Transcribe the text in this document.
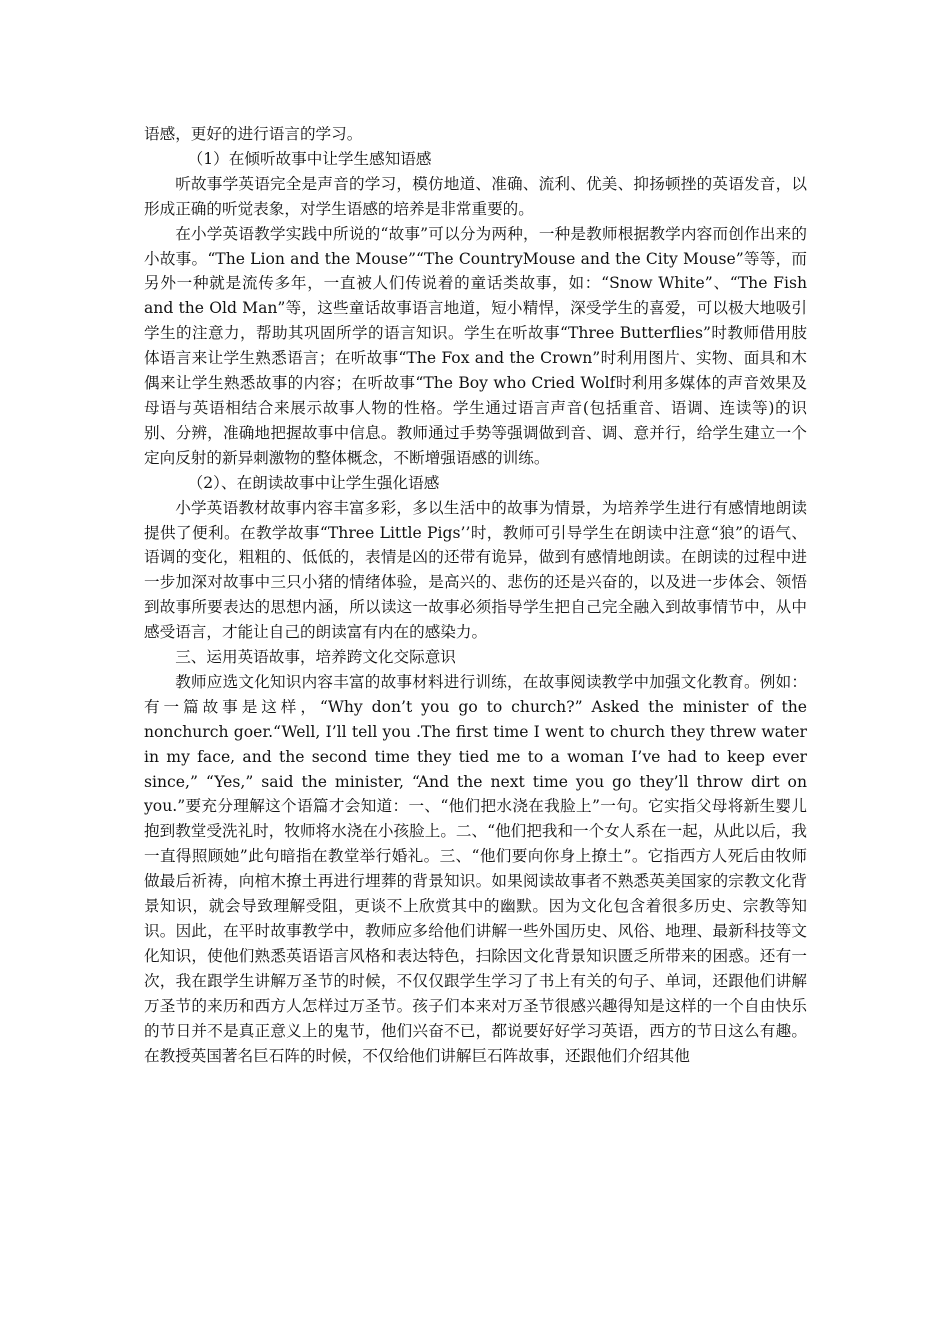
语感，更好的进行语言的学习。

（1）在倾听故事中让学生感知语感

听故事学英语完全是声音的学习，模仿地道、准确、流利、优美、抑扬顿挫的英语发音，以形成正确的听觉表象，对学生语感的培养是非常重要的。

在小学英语教学实践中所说的“故事”可以分为两种，一种是教师根据教学内容而创作出来的小故事。“The Lion and the Mouse”“The CountryMouse and the City Mouse”等等，而另外一种就是流传多年，一直被人们传说着的童话类故事，如：“Snow White”、“The Fish and the Old Man”等，这些童话故事语言地道，短小精悍，深受学生的喜爱，可以极大地吸引学生的注意力，帮助其巩固所学的语言知识。学生在听故事“Three Butterflies”时教师借用肢体语言来让学生熟悉语言；在听故事“The Fox and the Crown”时利用图片、实物、面具和木偶来让学生熟悉故事的内容；在听故事“The Boy who Cried Wolf时利用多媒体的声音效果及母语与英语相结合来展示故事人物的性格。学生通过语言声音(包括重音、语调、连读等)的识别、分辨，准确地把握故事中信息。教师通过手势等强调做到音、调、意并行，给学生建立一个定向反射的新异刺激物的整体概念，不断增强语感的训练。

（2）、在朗读故事中让学生强化语感

小学英语教材故事内容丰富多彩，多以生活中的故事为情景，为培养学生进行有感情地朗读提供了便利。在教学故事“Three Little Pigs’’时，教师可引导学生在朗读中注意“狼”的语气、语调的变化，粗粗的、低低的，表情是凶的还带有诡异，做到有感情地朗读。在朗读的过程中进一步加深对故事中三只小猪的情绪体验，是高兴的、悲伤的还是兴奋的，以及进一步体会、领悟到故事所要表达的思想内涵，所以读这一故事必须指导学生把自己完全融入到故事情节中，从中感受语言，才能让自己的朗读富有内在的感染力。

三、运用英语故事，培养跨文化交际意识

教师应选文化知识内容丰富的故事材料进行训练，在故事阅读教学中加强文化教育。例如：有一篇故事是这样，“Why don’t you go to church?” Asked the minister of the nonchurch goer.“Well, I’ll tell you .The first time I went to church they threw water in my face, and the second time they tied me to a woman I’ve had to keep ever since,” “Yes,” said the minister, “And the next time you go they’ll throw dirt on you.”要充分理解这个语篇才会知道：一、“他们把水浇在我脸上”一句。它实指父母将新生婴儿抱到教堂受洗礼时，牧师将水浇在小孩脸上。二、“他们把我和一个女人系在一起，从此以后，我一直得照顾她”此句暗指在教堂举行婚礼。三、“他们要向你身上撩土”。它指西方人死后由牧师做最后祈祷，向棺木撩土再进行埋葬的背景知识。如果阅读故事者不熟悉英美国家的宗教文化背景知识，就会导致理解受阻，更谈不上欣赏其中的幽默。因为文化包含着很多历史、宗教等知识。因此，在平时故事教学中，教师应多给他们讲解一些外国历史、风俗、地理、最新科技等文化知识，使他们熟悉英语语言风格和表达特色，扫除因文化背景知识匮乏所带来的困惑。还有一次，我在跟学生讲解万圣节的时候，不仅仅跟学生学习了书上有关的句子、单词，还跟他们讲解万圣节的来历和西方人怎样过万圣节。孩子们本来对万圣节很感兴趣得知是这样的一个自由快乐的节日并不是真正意义上的鬼节，他们兴奋不已，都说要好好学习英语，西方的节日这么有趣。在教授英国著名巨石阵的时候，不仅给他们讲解巨石阵故事，还跟他们介绍其他
